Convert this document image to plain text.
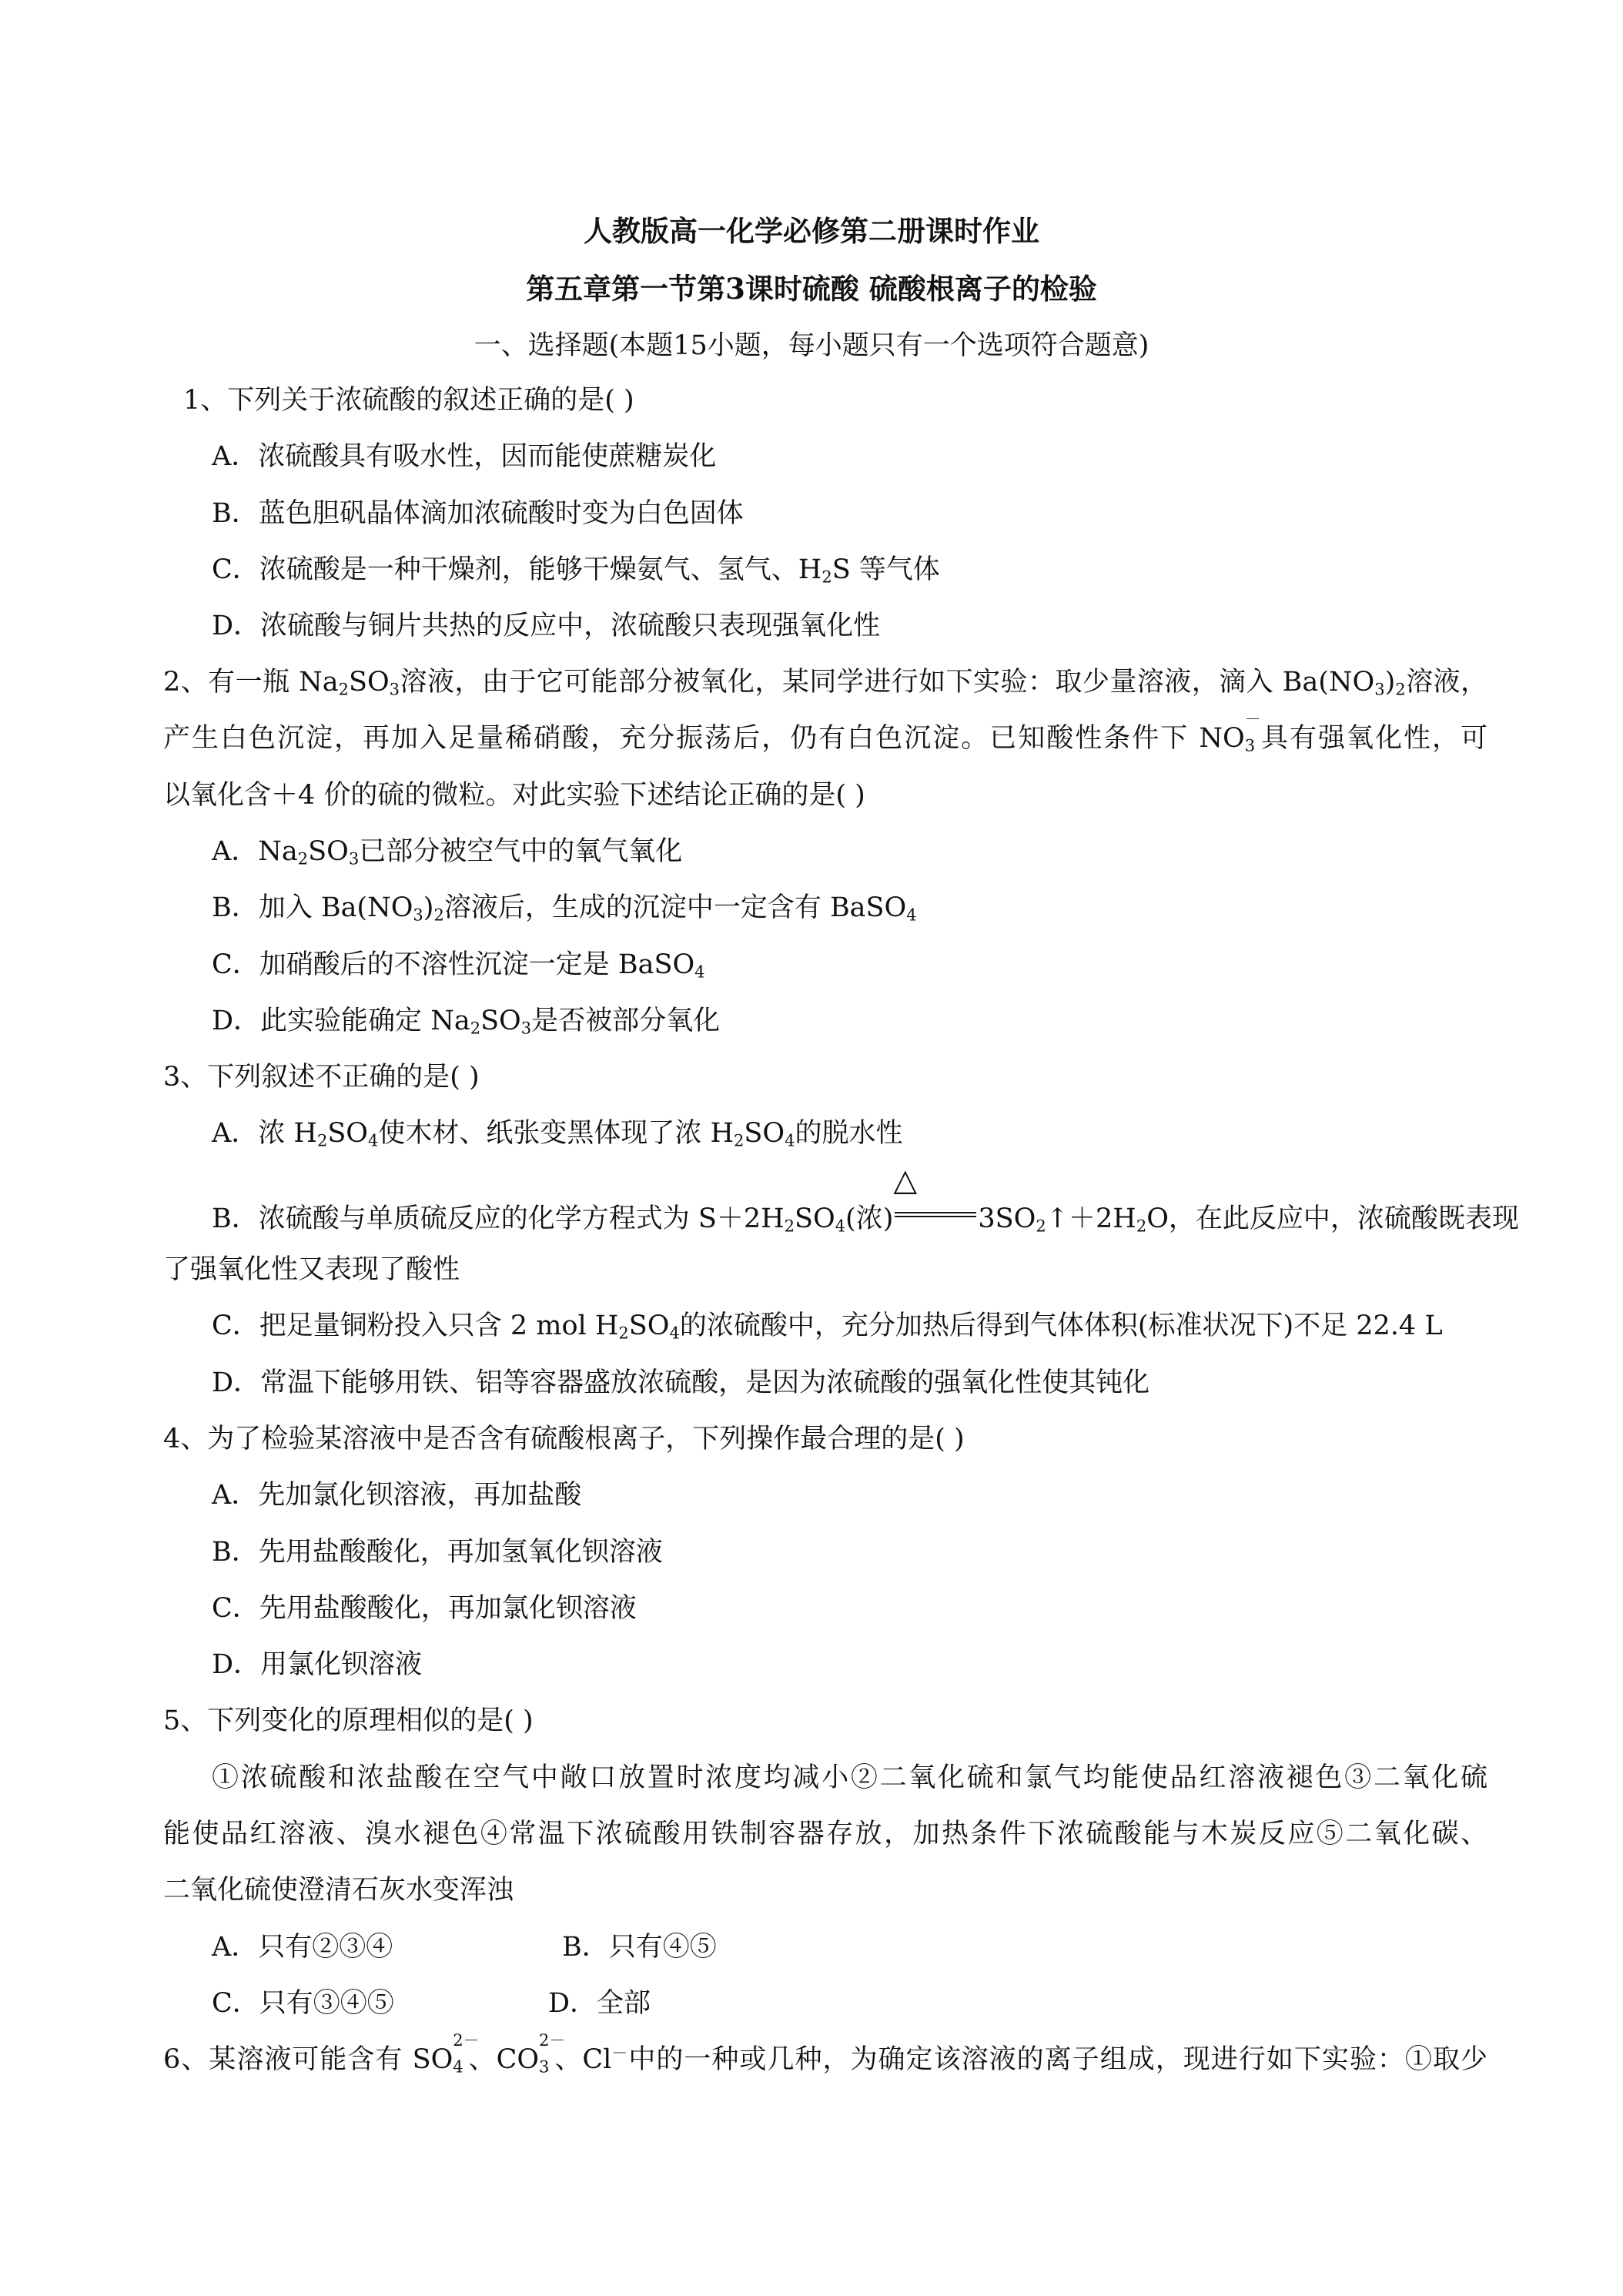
人教版高一化学必修第二册课时作业
第五章第一节第3课时硫酸 硫酸根离子的检验
一、选择题(本题15小题，每小题只有一个选项符合题意)
1、下列关于浓硫酸的叙述正确的是( )
A．浓硫酸具有吸水性，因而能使蔗糖炭化
B．蓝色胆矾晶体滴加浓硫酸时变为白色固体
C．浓硫酸是一种干燥剂，能够干燥氨气、氢气、$H_2S$ 等气体
D．浓硫酸与铜片共热的反应中，浓硫酸只表现强氧化性
2、有一瓶 $Na_2SO_3$溶液，由于它可能部分被氧化，某同学进行如下实验：取少量溶液，滴入 $Ba(NO_3)_2$溶液，
产生白色沉淀，再加入足量稀硝酸，充分振荡后，仍有白色沉淀。已知酸性条件下 $NO_3$
－
具有强氧化性，可
以氧化含＋4 价的硫的微粒。对此实验下述结论正确的是( )
A．$Na_2SO_3$已部分被空气中的氧气氧化
B．加入 $Ba(NO_3)_2$溶液后，生成的沉淀中一定含有 BaSO$_4$
C．加硝酸后的不溶性沉淀一定是 BaSO$_4$
D．此实验能确定 $Na_2SO_3$是否被部分氧化
3、下列叙述不正确的是( )
A．浓 $H_2SO_4$使木材、纸张变黑体现了浓 $H_2SO_4$的脱水性
B．浓硫酸与单质硫反应的化学方程式为 $S+2H_2SO_4$(浓)
△
$3SO_2↑+2H_2O$，在此反应中，浓硫酸既表现
了强氧化性又表现了酸性
C．把足量铜粉投入只含 2 mol $H_2SO_4$的浓硫酸中，充分加热后得到气体体积(标准状况下)不足 22.4 L
D．常温下能够用铁、铝等容器盛放浓硫酸，是因为浓硫酸的强氧化性使其钝化
4、为了检验某溶液中是否含有硫酸根离子，下列操作最合理的是( )
A．先加氯化钡溶液，再加盐酸
B．先用盐酸酸化，再加氢氧化钡溶液
C．先用盐酸酸化，再加氯化钡溶液
D．用氯化钡溶液
5、下列变化的原理相似的是( )
①浓硫酸和浓盐酸在空气中敞口放置时浓度均减小②二氧化硫和氯气均能使品红溶液褪色③二氧化硫
能使品红溶液、溴水褪色④常温下浓硫酸用铁制容器存放，加热条件下浓硫酸能与木炭反应⑤二氧化碳、
二氧化硫使澄清石灰水变浑浊
A．只有②③④	B．只有④⑤
C．只有③④⑤	D．全部
6、某溶液可能含有 $SO_4$
2－
、$CO_3$
2－
、Cl－中的一种或几种，为确定该溶液的离子组成，现进行如下实验：①取少
